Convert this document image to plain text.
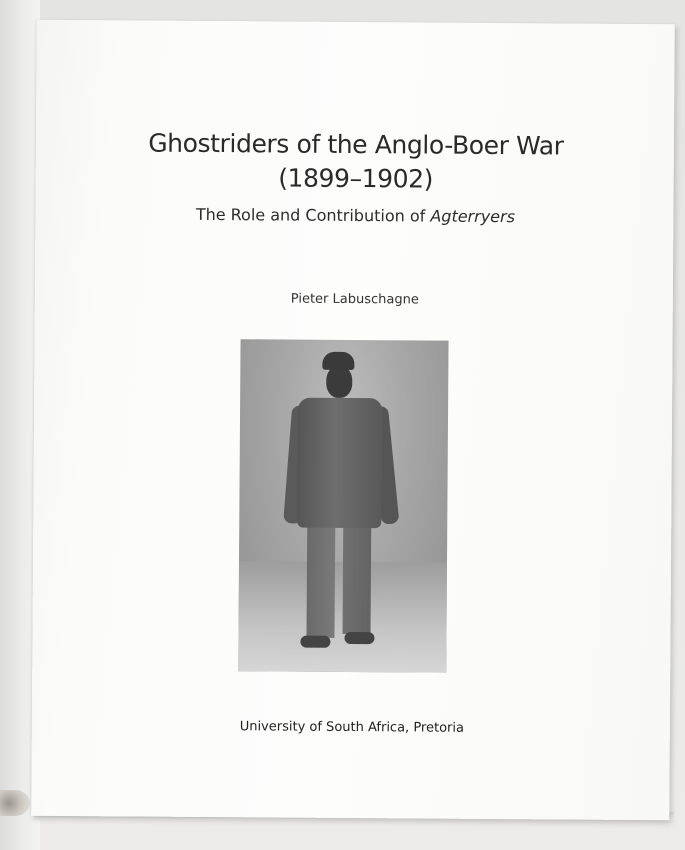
Ghostriders of the Anglo-Boer War
(1899–1902)
The Role and Contribution of Agterryers
Pieter Labuschagne
University of South Africa, Pretoria
